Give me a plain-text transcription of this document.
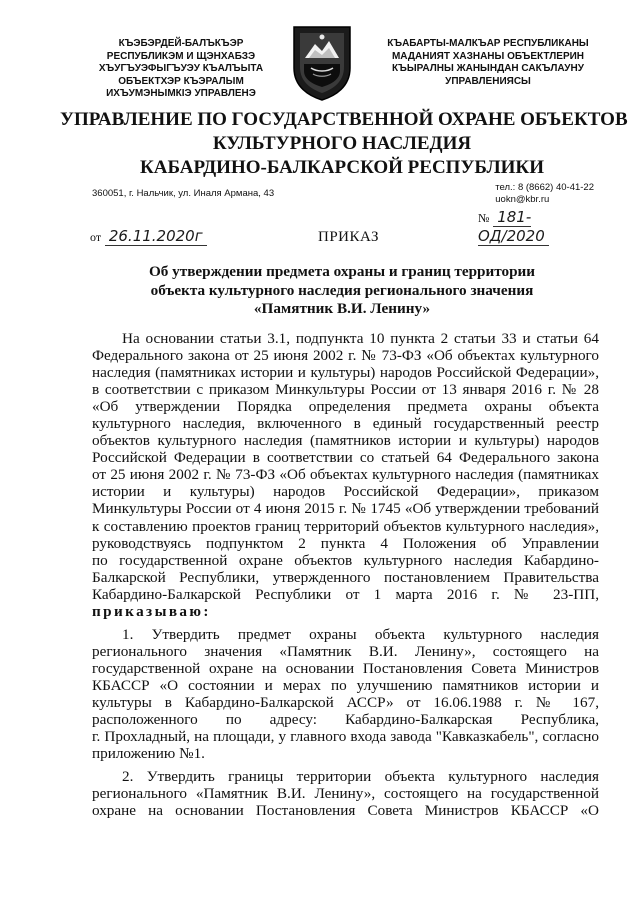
КЪЭБЭРДЕЙ-БАЛЪКЪЭР
РЕСПУБЛИКЭМ И ЩЭНХАБЗЭ
ХЪУГЪУЭФЫГЪУЭУ КЪАЛЪЫТА
ОБЪЕКТХЭР КЪЭРАЛЫМ
ИХЪУМЭНЫМКIЭ УПРАВЛЕНЭ
КЪАБАРТЫ-МАЛКЪАР РЕСПУБЛИКАНЫ
МАДАНИЯТ ХАЗНАНЫ ОБЪЕКТЛЕРИН
КЪЫРАЛНЫ ЖАНЫНДАН САКЪЛАУНУ
УПРАВЛЕНИЯСЫ
УПРАВЛЕНИЕ ПО ГОСУДАРСТВЕННОЙ ОХРАНЕ ОБЪЕКТОВ
КУЛЬТУРНОГО НАСЛЕДИЯ
КАБАРДИНО-БАЛКАРСКОЙ РЕСПУБЛИКИ
360051, г. Нальчик, ул. Иналя Армана, 43
тел.: 8 (8662) 40-41-22
uokn@kbr.ru
от 26.11.2020г	ПРИКАЗ
№ 181-ОД/2020
Об утверждении предмета охраны и границ территории
объекта культурного наследия регионального значения
«Памятник В.И. Ленину»
На основании статьи 3.1, подпункта 10 пункта 2 статьи 33 и статьи 64
Федерального закона от 25 июня 2002 г. № 73-ФЗ «Об объектах культурного
наследия (памятниках истории и культуры) народов Российской Федерации»,
в соответствии с приказом Минкультуры России от 13 января 2016 г. № 28
«Об утверждении Порядка определения предмета охраны объекта
культурного наследия, включенного в единый государственный реестр
объектов культурного наследия (памятников истории и культуры) народов
Российской Федерации в соответствии со статьей 64 Федерального закона
от 25 июня 2002 г. № 73-ФЗ «Об объектах культурного наследия (памятниках
истории и культуры) народов Российской Федерации», приказом
Минкультуры России от 4 июня 2015 г. № 1745 «Об утверждении требований
к составлению проектов границ территорий объектов культурного наследия»,
руководствуясь подпунктом 2 пункта 4 Положения об Управлении
по государственной охране объектов культурного наследия Кабардино-
Балкарской Республики, утвержденного постановлением Правительства
Кабардино-Балкарской Республики от 1 марта 2016 г. № 23-ПП,
приказываю:
1. Утвердить предмет охраны объекта культурного наследия
регионального значения «Памятник В.И. Ленину», состоящего на
государственной охране на основании Постановления Совета Министров
КБАССР «О состоянии и мерах по улучшению памятников истории и
культуры в Кабардино-Балкарской АССР» от 16.06.1988 г. № 167,
расположенного по адресу: Кабардино-Балкарская Республика,
г. Прохладный, на площади, у главного входа завода "Кавказкабель", согласно
приложению №1.
2. Утвердить границы территории объекта культурного наследия
регионального «Памятник В.И. Ленину», состоящего на государственной
охране на основании Постановления Совета Министров КБАССР «О
